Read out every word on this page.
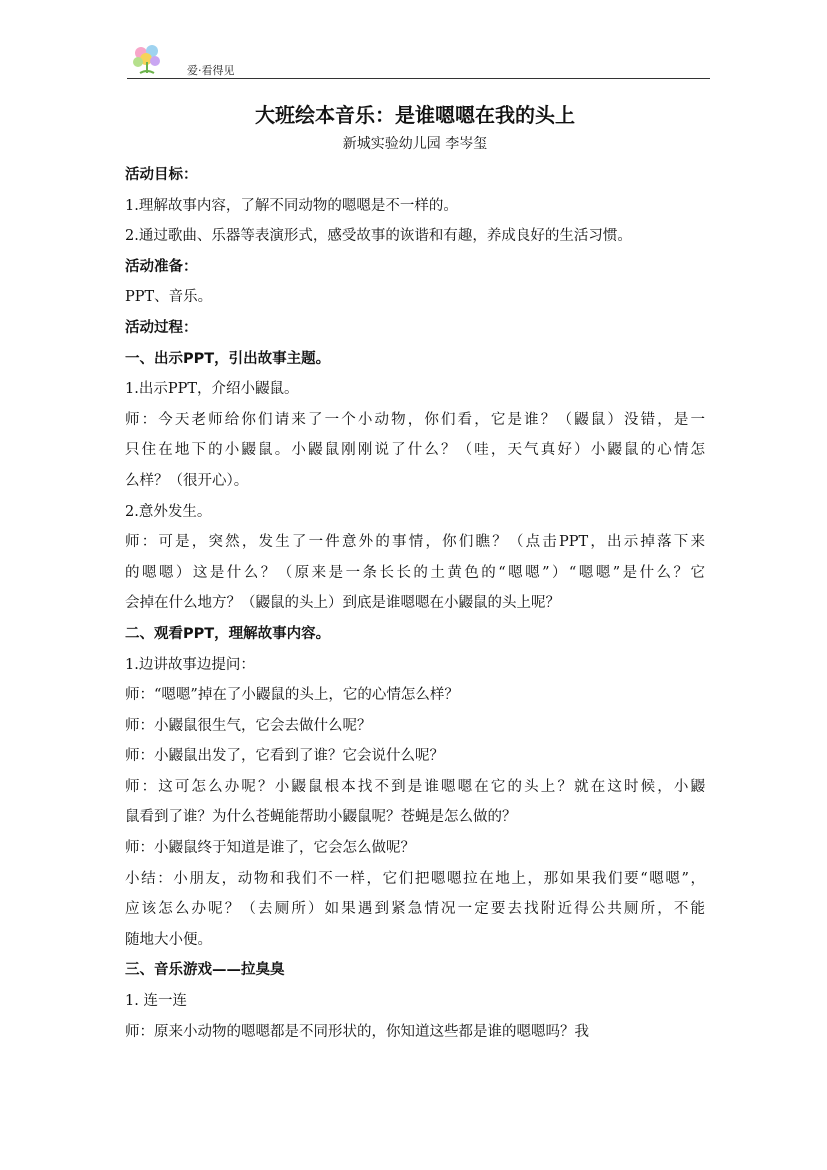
爱·看得见
大班绘本音乐：是谁嗯嗯在我的头上
新城实验幼儿园 李岑玺
活动目标：
1.理解故事内容，了解不同动物的嗯嗯是不一样的。
2.通过歌曲、乐器等表演形式，感受故事的诙谐和有趣，养成良好的生活习惯。
活动准备：
PPT、音乐。
活动过程：
一、出示PPT，引出故事主题。
1.出示PPT，介绍小鼹鼠。
师：今天老师给你们请来了一个小动物，你们看，它是谁？（鼹鼠）没错，是一
只住在地下的小鼹鼠。小鼹鼠刚刚说了什么？（哇，天气真好）小鼹鼠的心情怎
么样？（很开心）。
2.意外发生。
师：可是，突然，发生了一件意外的事情，你们瞧？（点击PPT，出示掉落下来
的嗯嗯）这是什么？（原来是一条长长的土黄色的“嗯嗯”）“嗯嗯”是什么？它
会掉在什么地方？（鼹鼠的头上）到底是谁嗯嗯在小鼹鼠的头上呢？
二、观看PPT，理解故事内容。
1.边讲故事边提问：
师：“嗯嗯”掉在了小鼹鼠的头上，它的心情怎么样？
师：小鼹鼠很生气，它会去做什么呢？
师：小鼹鼠出发了，它看到了谁？它会说什么呢？
师：这可怎么办呢？小鼹鼠根本找不到是谁嗯嗯在它的头上？就在这时候，小鼹
鼠看到了谁？为什么苍蝇能帮助小鼹鼠呢？苍蝇是怎么做的？
师：小鼹鼠终于知道是谁了，它会怎么做呢？
小结：小朋友，动物和我们不一样，它们把嗯嗯拉在地上，那如果我们要“嗯嗯”，
应该怎么办呢？（去厕所）如果遇到紧急情况一定要去找附近得公共厕所，不能
随地大小便。
三、音乐游戏——拉臭臭
1. 连一连
师：原来小动物的嗯嗯都是不同形状的，你知道这些都是谁的嗯嗯吗？我
